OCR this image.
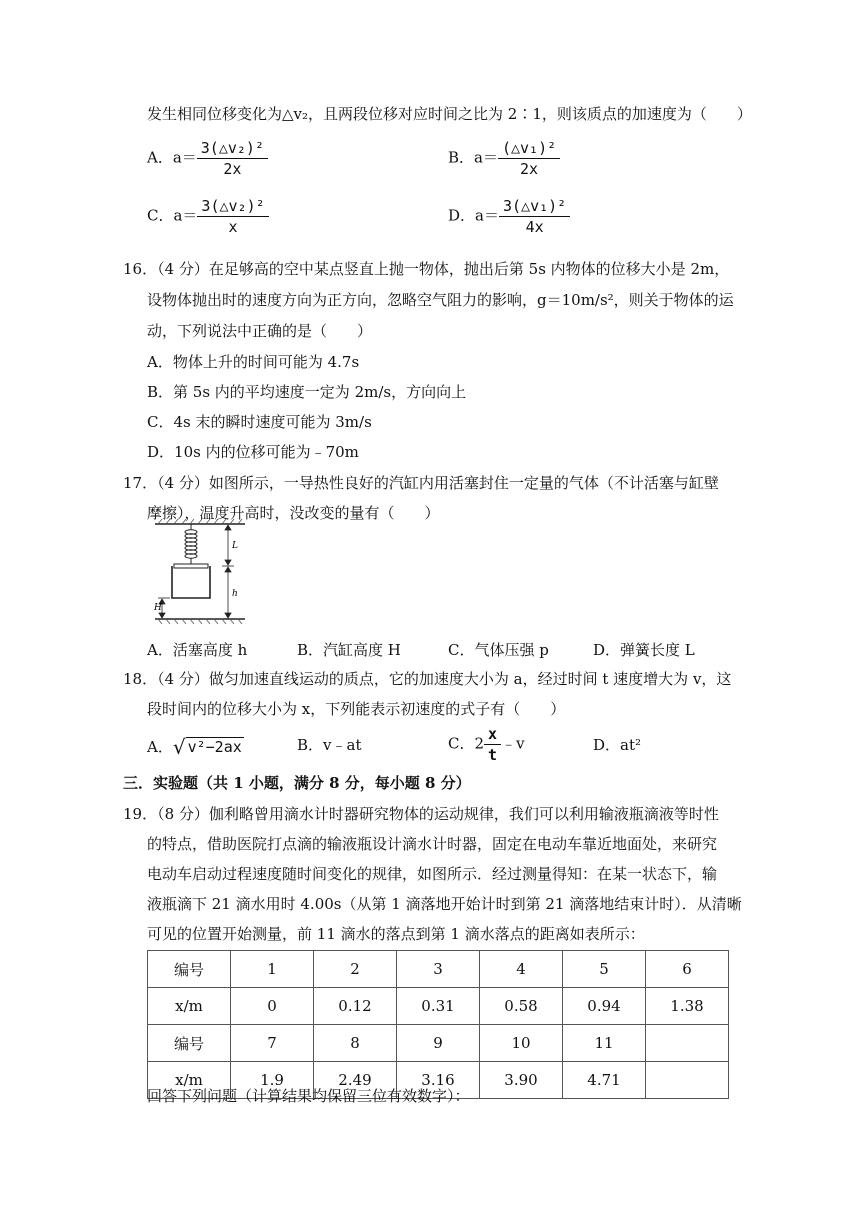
发生相同位移变化为△v₂，且两段位移对应时间之比为 2∶1，则该质点的加速度为（　　）
A．$a= \frac{\text{3(△v₂)²}}{2x}$	B．$a= \frac{\text{(△v₁)²}}{2x}$
C．$a= \frac{\text{3(△v₂)²}}{x}$	D．$a= \frac{\text{3(△v₁)²}}{4x}$
16．（4 分）在足够高的空中某点竖直上抛一物体，抛出后第 5s 内物体的位移大小是 2m，
设物体抛出时的速度方向为正方向，忽略空气阻力的影响，g＝10m/s²，则关于物体的运
动，下列说法中正确的是（　　）
A．物体上升的时间可能为 4.7s
B．第 5s 内的平均速度一定为 2m/s，方向向上
C．4s 末的瞬时速度可能为 3m/s
D．10s 内的位移可能为﹣70m
17．（4 分）如图所示，一导热性良好的汽缸内用活塞封住一定量的气体（不计活塞与缸壁
摩擦），温度升高时，没改变的量有（　　）
L
h
H
A．活塞高度 h	B．汽缸高度 H	C．气体压强 p	D．弹簧长度 L
18．（4 分）做匀加速直线运动的质点，它的加速度大小为 a，经过时间 t 速度增大为 v，这
段时间内的位移大小为 x，下列能表示初速度的式子有（　　）
A．√ v²−2ax	B．v﹣at	C．$2 \frac{x}{t}$ ﹣v	D．at²
三．实验题（共 1 小题，满分 8 分，每小题 8 分）
19．（8 分）伽利略曾用滴水计时器研究物体的运动规律，我们可以利用输液瓶滴液等时性
的特点，借助医院打点滴的输液瓶设计滴水计时器，固定在电动车靠近地面处，来研究
电动车启动过程速度随时间变化的规律，如图所示．经过测量得知：在某一状态下，输
液瓶滴下 21 滴水用时 4.00s（从第 1 滴落地开始计时到第 21 滴落地结束计时）．从清晰
可见的位置开始测量，前 11 滴水的落点到第 1 滴水落点的距离如表所示：
编号	1	2	3	4	5	6
x/m	0	0.12	0.31	0.58	0.94	1.38
编号	7	8	9	10	11	
x/m	1.9	2.49	3.16	3.90	4.71	
回答下列问题（计算结果均保留三位有效数字）：
